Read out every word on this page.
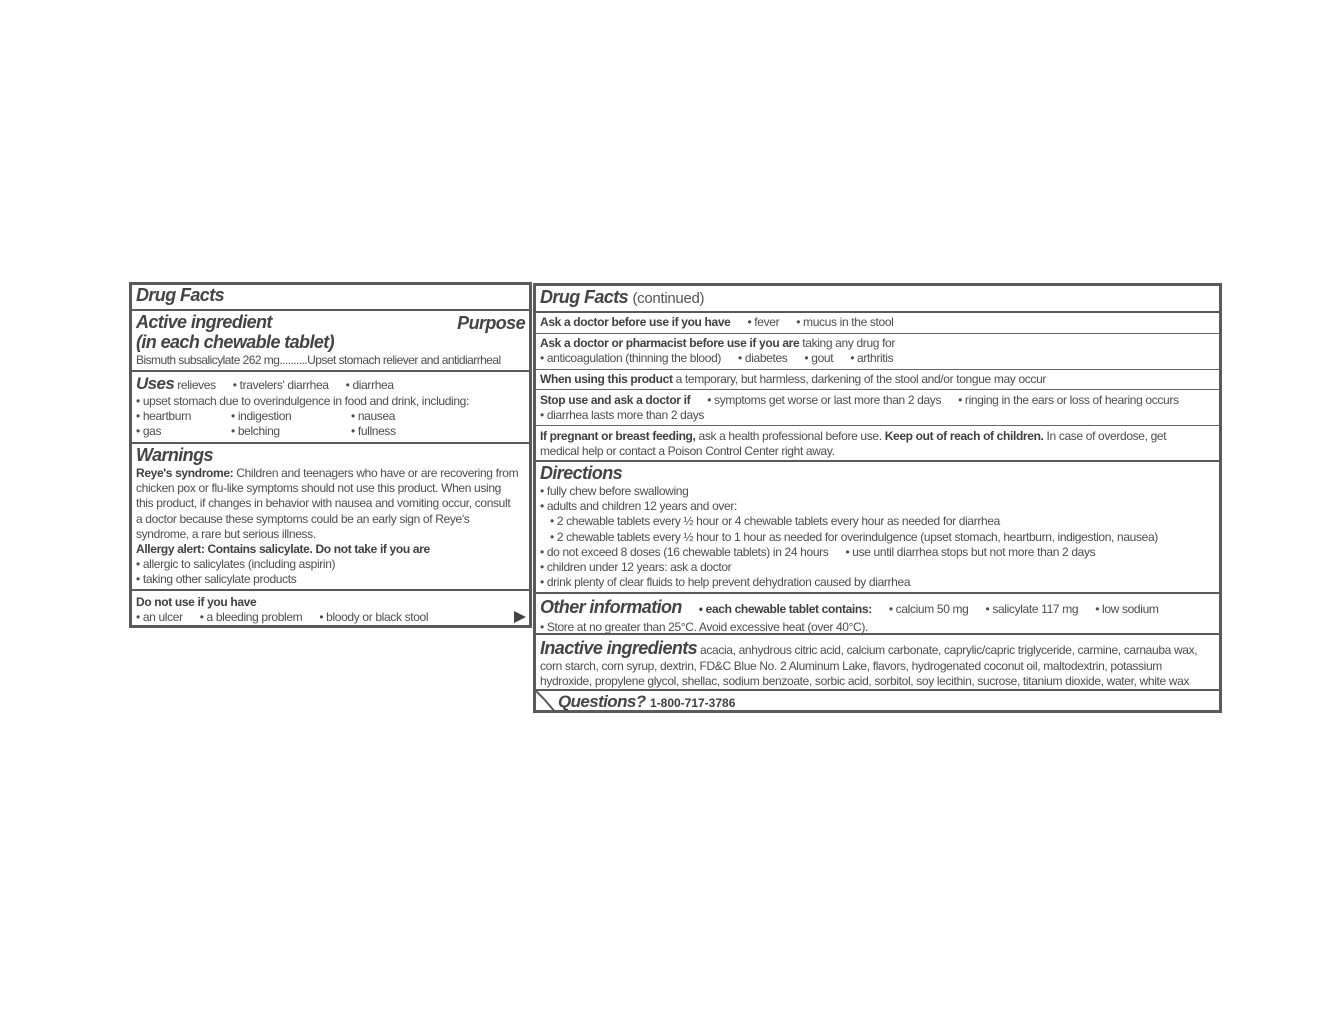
Drug Facts
Active ingredient
(in each chewable tablet)
Purpose
Bismuth subsalicylate 262 mg..........Upset stomach reliever and antidiarrheal
Uses relieves • travelers' diarrhea • diarrhea
• upset stomach due to overindulgence in food and drink, including:
• heartburn	• indigestion	• nausea
• gas	• belching	• fullness
Warnings
Reye's syndrome: Children and teenagers who have or are recovering from
chicken pox or flu-like symptoms should not use this product. When using
this product, if changes in behavior with nausea and vomiting occur, consult
a doctor because these symptoms could be an early sign of Reye's
syndrome, a rare but serious illness.
Allergy alert: Contains salicylate. Do not take if you are
• allergic to salicylates (including aspirin)
• taking other salicylate products
Do not use if you have
• an ulcer • a bleeding problem • bloody or black stool
Drug Facts (continued)
Ask a doctor before use if you have • fever • mucus in the stool
Ask a doctor or pharmacist before use if you are taking any drug for
• anticoagulation (thinning the blood) • diabetes • gout • arthritis
When using this product a temporary, but harmless, darkening of the stool and/or tongue may occur
Stop use and ask a doctor if • symptoms get worse or last more than 2 days • ringing in the ears or loss of hearing occurs
• diarrhea lasts more than 2 days
If pregnant or breast feeding, ask a health professional before use. Keep out of reach of children. In case of overdose, get
medical help or contact a Poison Control Center right away.
Directions
• fully chew before swallowing
• adults and children 12 years and over:
• 2 chewable tablets every ½ hour or 4 chewable tablets every hour as needed for diarrhea
• 2 chewable tablets every ½ hour to 1 hour as needed for overindulgence (upset stomach, heartburn, indigestion, nausea)
• do not exceed 8 doses (16 chewable tablets) in 24 hours • use until diarrhea stops but not more than 2 days
• children under 12 years: ask a doctor
• drink plenty of clear fluids to help prevent dehydration caused by diarrhea
Other information • each chewable tablet contains: • calcium 50 mg • salicylate 117 mg • low sodium
• Store at no greater than 25°C. Avoid excessive heat (over 40°C).
Inactive ingredients acacia, anhydrous citric acid, calcium carbonate, caprylic/capric triglyceride, carmine, carnauba wax,
corn starch, corn syrup, dextrin, FD&C Blue No. 2 Aluminum Lake, flavors, hydrogenated coconut oil, maltodextrin, potassium
hydroxide, propylene glycol, shellac, sodium benzoate, sorbic acid, sorbitol, soy lecithin, sucrose, titanium dioxide, water, white wax
Questions? 1-800-717-3786
